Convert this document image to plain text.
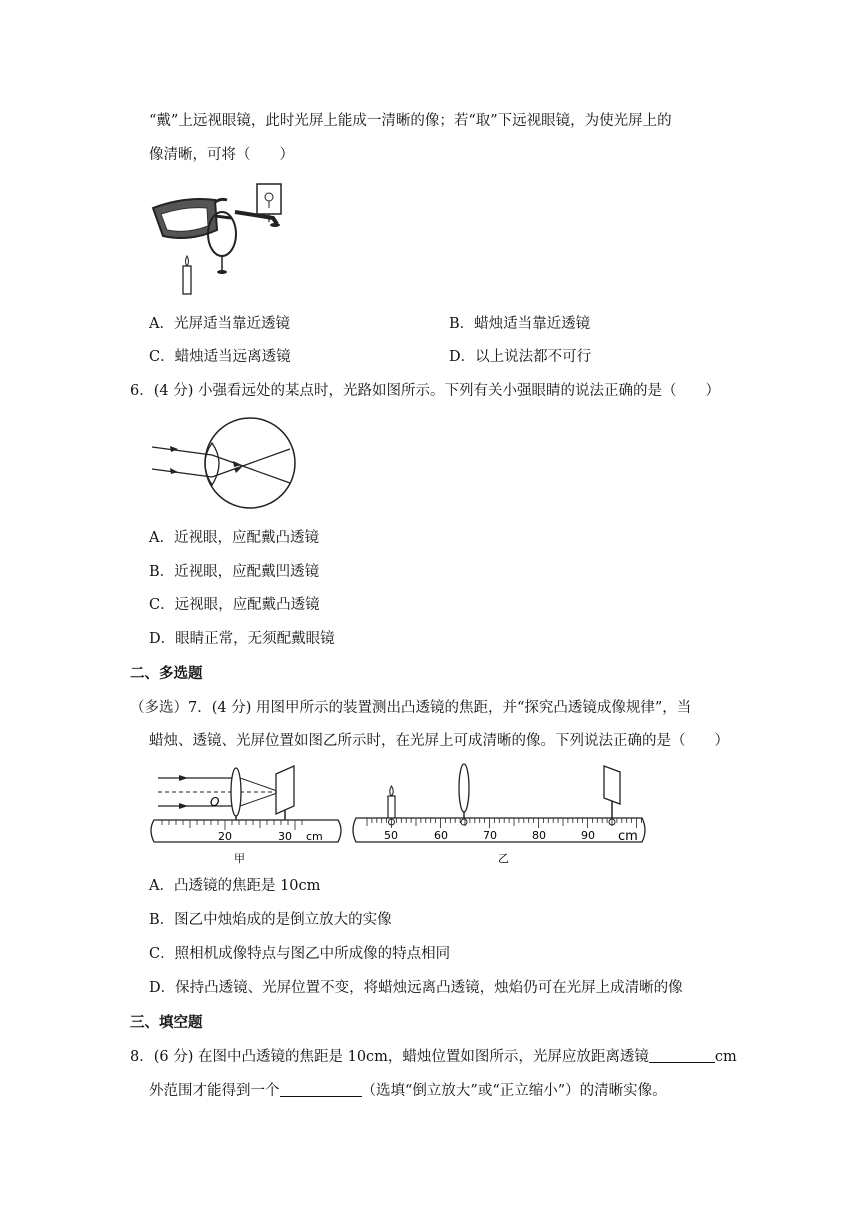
“戴”上远视眼镜，此时光屏上能成一清晰的像；若“取”下远视眼镜，为使光屏上的
像清晰，可将（　　）
A．光屏适当靠近透镜	B．蜡烛适当靠近透镜
C．蜡烛适当远离透镜	D．以上说法都不可行
6．(4 分) 小强看远处的某点时，光路如图所示。下列有关小强眼睛的说法正确的是（　　）
A．近视眼，应配戴凸透镜
B．近视眼，应配戴凹透镜
C．远视眼，应配戴凸透镜
D．眼睛正常，无须配戴眼镜
二、多选题
（多选）7．(4 分) 用图甲所示的装置测出凸透镜的焦距，并“探究凸透镜成像规律”，当
蜡烛、透镜、光屏位置如图乙所示时，在光屏上可成清晰的像。下列说法正确的是（　　）
O
20	30 cm
甲
50	60	70	80	90 cm
乙
A．凸透镜的焦距是 10cm
B．图乙中烛焰成的是倒立放大的实像
C．照相机成像特点与图乙中所成像的特点相同
D．保持凸透镜、光屏位置不变，将蜡烛远离凸透镜，烛焰仍可在光屏上成清晰的像
三、填空题
8．(6 分) 在图中凸透镜的焦距是 10cm，蜡烛位置如图所示，光屏应放距离透镜	cm
外范围才能得到一个	（选填“倒立放大”或“正立缩小”）的清晰实像。
